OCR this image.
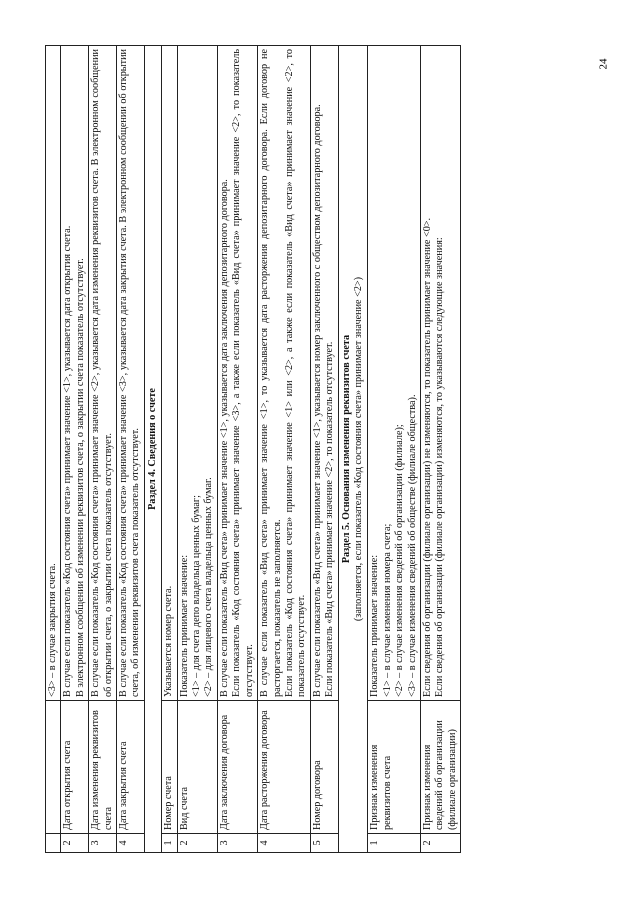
		<3> – в случае закрытия счета.

2	Дата открытия счета	В случае если показатель «Код состояния счета» принимает значение <1>, указывается дата открытия счета. В электронном сообщении об изменении реквизитов счета, о закрытии счета показатель отсутствует.

3	Дата изменения реквизитов счета	В случае если показатель «Код состояния счета» принимает значение <2>, указывается дата изменения реквизитов счета. В электронном сообщении об открытии счета, о закрытии счета показатель отсутствует.

4	Дата закрытия счета	В случае если показатель «Код состояния счета» принимает значение <3>, указывается дата закрытия счета. В электронном сообщении об открытии счета, об изменении реквизитов счета показатель отсутствует.

Раздел 4. Сведения о счете		
1	Номер счета	Указывается номер счета.

2	Вид счета	Показатель принимает значение: <1> – для счета депо владельца ценных бумаг; <2> – для лицевого счета владельца ценных бумаг.

3	Дата заключения договора	В случае если показатель «Вид счета» принимает значение <1>, указывается дата заключения депозитарного договора. Если показатель «Код состояния счета» принимает значение <3>, а также если показатель «Вид счета» принимает значение <2>, то показатель отсутствует.

4	Дата расторжения договора	В случае если показатель «Вид счета» принимает значение <1>, то указывается дата расторжения депозитарного договора. Если договор не расторгается, показатель не заполняется. Если показатель «Код состояния счета» принимает значение <1> или <2>, а также если показатель «Вид счета» принимает значение <2>, то показатель отсутствует.

5	Номер договора	В случае если показатель «Вид счета» принимает значение <1>, указывается номер заключенного с обществом депозитарного договора. Если показатель «Вид счета» принимает значение <2>, то показатель отсутствует.

Раздел 5. Основания изменения реквизитов счета (заполняется, если показатель «Код состояния счета» принимает значение <2>)		

1	Признак изменения реквизитов счета	Показатель принимает значение: <1> – в случае изменения номера счета; <2> – в случае изменения сведений об организации (филиале); <3> – в случае изменения сведений об обществе (филиале общества).

2	Признак изменения сведений об организации (филиале организации)	Если сведения об организации (филиале организации) не изменяются, то показатель принимает значение <0>. Если сведения об организации (филиале организации) изменяются, то указываются следующие значения:
24
